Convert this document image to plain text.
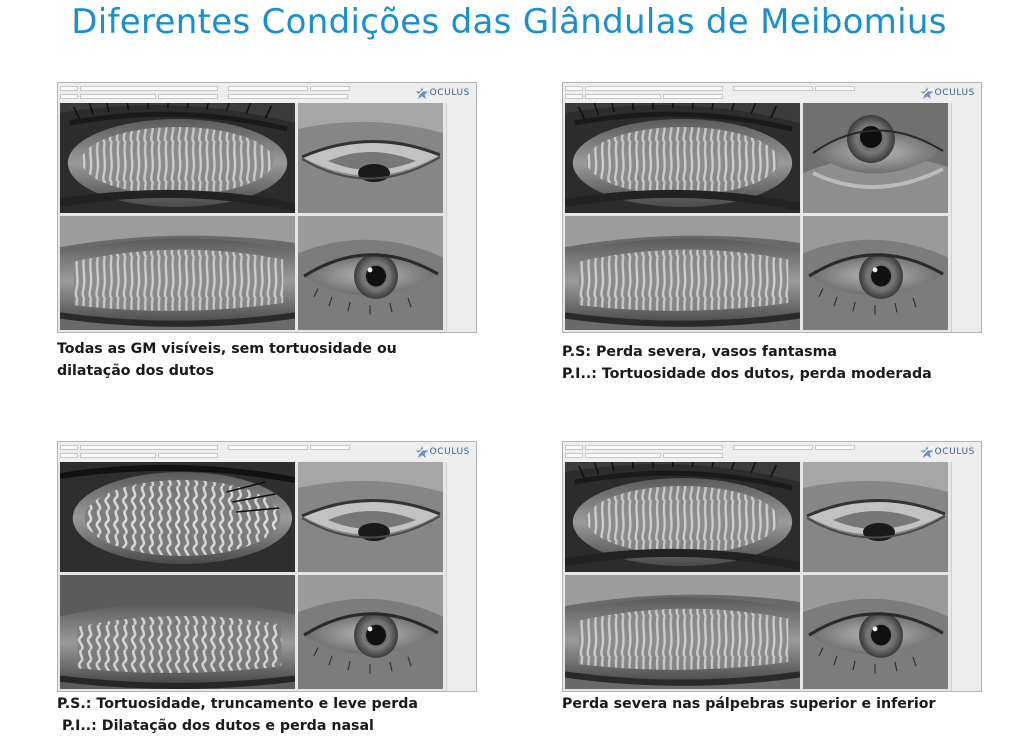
Diferentes Condições das Glândulas de Meibomius
OCULUS
Todas as GM visíveis, sem tortuosidade ou
dilatação dos dutos
OCULUS
P.S: Perda severa, vasos fantasma
P.I..: Tortuosidade dos dutos, perda moderada
OCULUS
P.S.: Tortuosidade, truncamento e leve perda
P.I..: Dilatação dos dutos e perda nasal
OCULUS
Perda severa nas pálpebras superior e inferior
